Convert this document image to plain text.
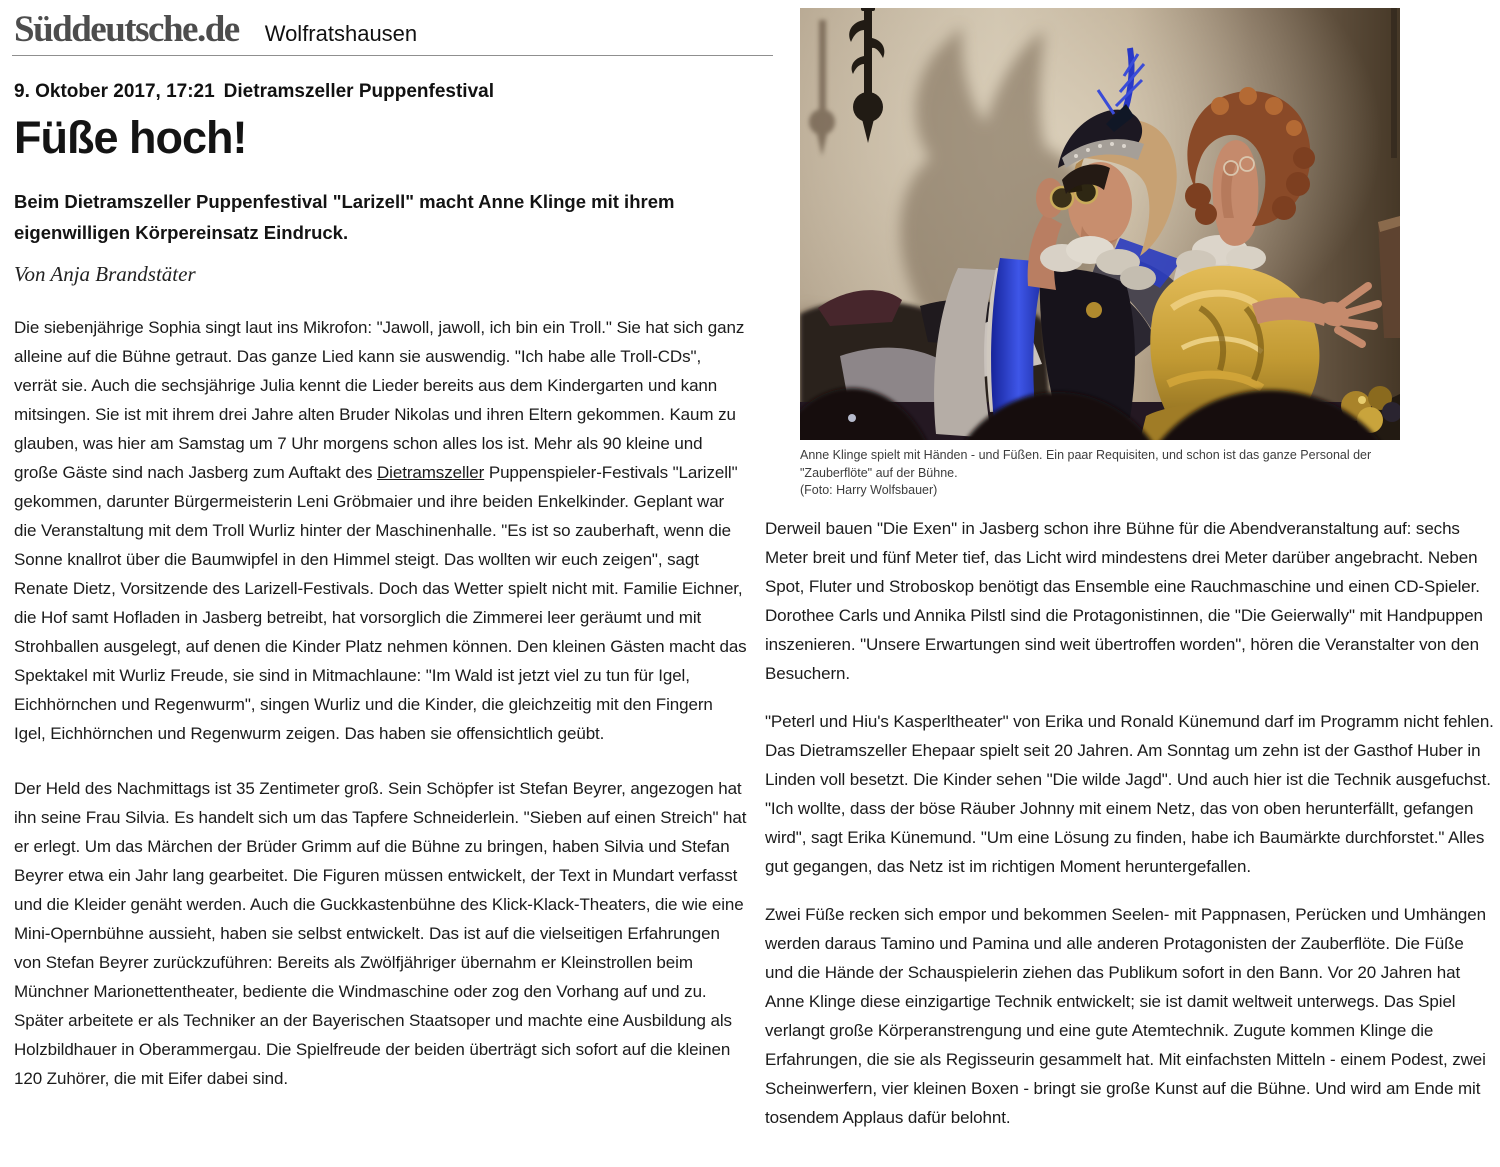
Süddeutsche.de Wolfratshausen
9. Oktober 2017, 17:21 Dietramszeller Puppenfestival
Füße hoch!

Beim Dietramszeller Puppenfestival "Larizell" macht Anne Klinge mit ihrem eigenwilligen Körpereinsatz Eindruck.

Von Anja Brandstäter

Die siebenjährige Sophia singt laut ins Mikrofon: "Jawoll, jawoll, ich bin ein Troll." Sie hat sich ganz alleine auf die Bühne getraut. Das ganze Lied kann sie auswendig. "Ich habe alle Troll-CDs", verrät sie. Auch die sechsjährige Julia kennt die Lieder bereits aus dem Kindergarten und kann mitsingen. Sie ist mit ihrem drei Jahre alten Bruder Nikolas und ihren Eltern gekommen. Kaum zu glauben, was hier am Samstag um 7 Uhr morgens schon alles los ist. Mehr als 90 kleine und große Gäste sind nach Jasberg zum Auftakt des Dietramszeller Puppenspieler-Festivals "Larizell" gekommen, darunter Bürgermeisterin Leni Gröbmaier und ihre beiden Enkelkinder. Geplant war die Veranstaltung mit dem Troll Wurliz hinter der Maschinenhalle. "Es ist so zauberhaft, wenn die Sonne knallrot über die Baumwipfel in den Himmel steigt. Das wollten wir euch zeigen", sagt Renate Dietz, Vorsitzende des Larizell-Festivals. Doch das Wetter spielt nicht mit. Familie Eichner, die Hof samt Hofladen in Jasberg betreibt, hat vorsorglich die Zimmerei leer geräumt und mit Strohballen ausgelegt, auf denen die Kinder Platz nehmen können. Den kleinen Gästen macht das Spektakel mit Wurliz Freude, sie sind in Mitmachlaune: "Im Wald ist jetzt viel zu tun für Igel, Eichhörnchen und Regenwurm", singen Wurliz und die Kinder, die gleichzeitig mit den Fingern Igel, Eichhörnchen und Regenwurm zeigen. Das haben sie offensichtlich geübt.

Der Held des Nachmittags ist 35 Zentimeter groß. Sein Schöpfer ist Stefan Beyrer, angezogen hat ihn seine Frau Silvia. Es handelt sich um das Tapfere Schneiderlein. "Sieben auf einen Streich" hat er erlegt. Um das Märchen der Brüder Grimm auf die Bühne zu bringen, haben Silvia und Stefan Beyrer etwa ein Jahr lang gearbeitet. Die Figuren müssen entwickelt, der Text in Mundart verfasst und die Kleider genäht werden. Auch die Guckkastenbühne des Klick-Klack-Theaters, die wie eine Mini-Opernbühne aussieht, haben sie selbst entwickelt. Das ist auf die vielseitigen Erfahrungen von Stefan Beyrer zurückzuführen: Bereits als Zwölfjähriger übernahm er Kleinstrollen beim Münchner Marionettentheater, bediente die Windmaschine oder zog den Vorhang auf und zu. Später arbeitete er als Techniker an der Bayerischen Staatsoper und machte eine Ausbildung als Holzbildhauer in Oberammergau. Die Spielfreude der beiden überträgt sich sofort auf die kleinen 120 Zuhörer, die mit Eifer dabei sind.

Anne Klinge spielt mit Händen - und Füßen. Ein paar Requisiten, und schon ist das ganze Personal der "Zauberflöte" auf der Bühne.
(Foto: Harry Wolfsbauer)

Derweil bauen "Die Exen" in Jasberg schon ihre Bühne für die Abendveranstaltung auf: sechs Meter breit und fünf Meter tief, das Licht wird mindestens drei Meter darüber angebracht. Neben Spot, Fluter und Stroboskop benötigt das Ensemble eine Rauchmaschine und einen CD-Spieler. Dorothee Carls und Annika Pilstl sind die Protagonistinnen, die "Die Geierwally" mit Handpuppen inszenieren. "Unsere Erwartungen sind weit übertroffen worden", hören die Veranstalter von den Besuchern.

"Peterl und Hiu's Kasperltheater" von Erika und Ronald Künemund darf im Programm nicht fehlen. Das Dietramszeller Ehepaar spielt seit 20 Jahren. Am Sonntag um zehn ist der Gasthof Huber in Linden voll besetzt. Die Kinder sehen "Die wilde Jagd". Und auch hier ist die Technik ausgefuchst. "Ich wollte, dass der böse Räuber Johnny mit einem Netz, das von oben herunterfällt, gefangen wird", sagt Erika Künemund. "Um eine Lösung zu finden, habe ich Baumärkte durchforstet." Alles gut gegangen, das Netz ist im richtigen Moment heruntergefallen.

Zwei Füße recken sich empor und bekommen Seelen- mit Pappnasen, Perücken und Umhängen werden daraus Tamino und Pamina und alle anderen Protagonisten der Zauberflöte. Die Füße und die Hände der Schauspielerin ziehen das Publikum sofort in den Bann. Vor 20 Jahren hat Anne Klinge diese einzigartige Technik entwickelt; sie ist damit weltweit unterwegs. Das Spiel verlangt große Körperanstrengung und eine gute Atemtechnik. Zugute kommen Klinge die Erfahrungen, die sie als Regisseurin gesammelt hat. Mit einfachsten Mitteln - einem Podest, zwei Scheinwerfern, vier kleinen Boxen - bringt sie große Kunst auf die Bühne. Und wird am Ende mit tosendem Applaus dafür belohnt.
